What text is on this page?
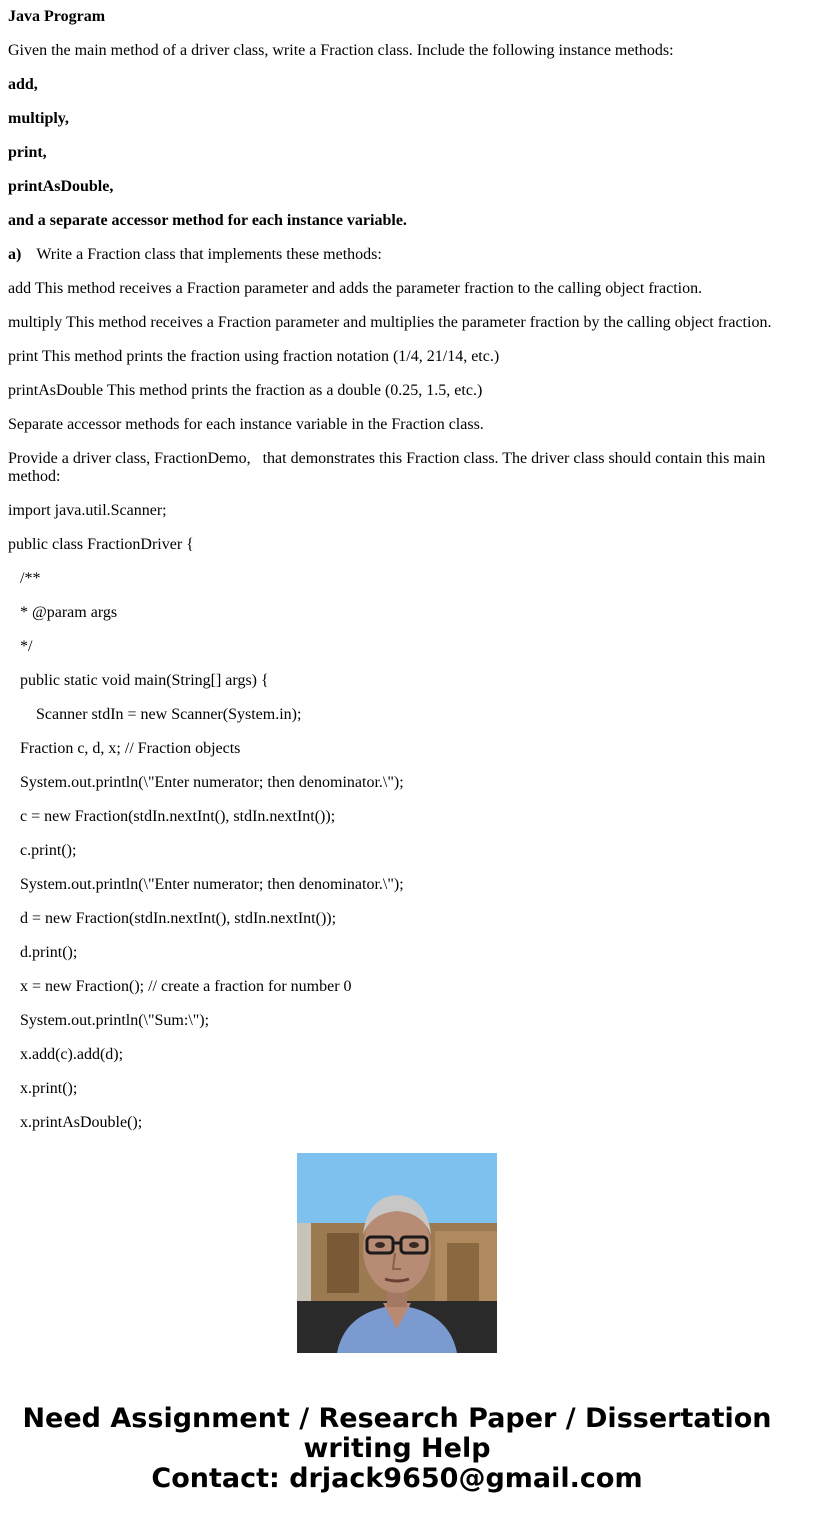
Java Program

Given the main method of a driver class, write a Fraction class. Include the following instance methods:

add,

multiply,

print,

printAsDouble,

and a separate accessor method for each instance variable.

a) Write a Fraction class that implements these methods:

add This method receives a Fraction parameter and adds the parameter fraction to the calling object fraction.

multiply This method receives a Fraction parameter and multiplies the parameter fraction by the calling object fraction.

print This method prints the fraction using fraction notation (1/4, 21/14, etc.)

printAsDouble This method prints the fraction as a double (0.25, 1.5, etc.)

Separate accessor methods for each instance variable in the Fraction class.

Provide a driver class, FractionDemo,   that demonstrates this Fraction class. The driver class should contain this main method:

import java.util.Scanner;

public class FractionDriver {

/**

* @param args

*/

public static void main(String[] args) {

Scanner stdIn = new Scanner(System.in);

Fraction c, d, x; // Fraction objects

System.out.println(\"Enter numerator; then denominator.\");

c = new Fraction(stdIn.nextInt(), stdIn.nextInt());

c.print();

System.out.println(\"Enter numerator; then denominator.\");

d = new Fraction(stdIn.nextInt(), stdIn.nextInt());

d.print();

x = new Fraction(); // create a fraction for number 0

System.out.println(\"Sum:\");

x.add(c).add(d);

x.print();

x.printAsDouble();

Need Assignment / Research Paper / Dissertation
writing Help
Contact: drjack9650@gmail.com
